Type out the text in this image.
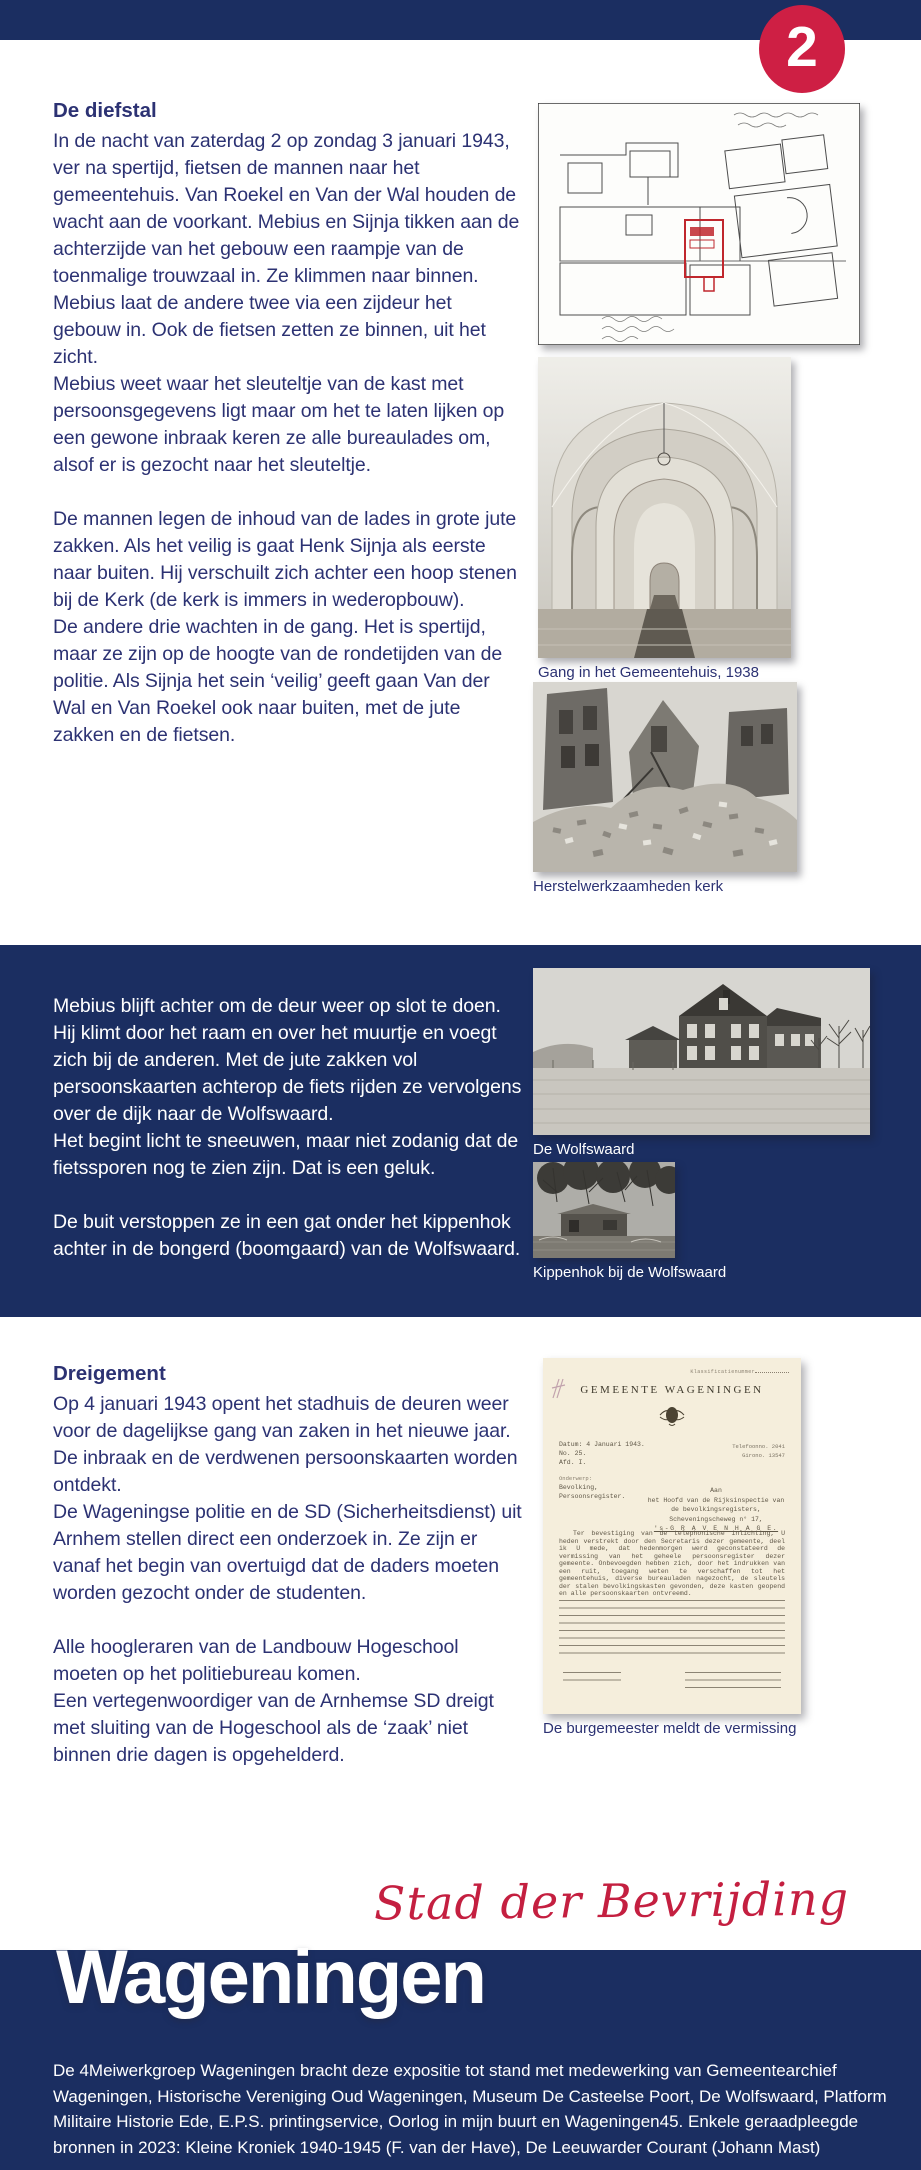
2
De diefstal

In de nacht van zaterdag 2 op zondag 3 januari 1943, ver na spertijd, fietsen de mannen naar het gemeentehuis. Van Roekel en Van der Wal houden de wacht aan de voorkant. Mebius en Sijnja tikken aan de achterzijde van het gebouw een raampje van de toenmalige trouwzaal in. Ze klimmen naar binnen. Mebius laat de andere twee via een zijdeur het gebouw in. Ook de fietsen zetten ze binnen, uit het zicht.

Mebius weet waar het sleuteltje van de kast met persoonsgegevens ligt maar om het te laten lijken op een gewone inbraak keren ze alle bureaulades om, alsof er is gezocht naar het sleuteltje.

De mannen legen de inhoud van de lades in grote jute zakken. Als het veilig is gaat Henk Sijnja als eerste naar buiten. Hij verschuilt zich achter een hoop stenen bij de Kerk (de kerk is immers in wederopbouw).

De andere drie wachten in de gang. Het is spertijd, maar ze zijn op de hoogte van de rondetijden van de politie. Als Sijnja het sein ‘veilig’ geeft gaan Van der Wal en Van Roekel ook naar buiten, met de jute zakken en de fietsen.

Gang in het Gemeentehuis, 1938
Herstelwerkzaamheden kerk

Mebius blijft achter om de deur weer op slot te doen. Hij klimt door het raam en over het muurtje en voegt zich bij de anderen. Met de jute zakken vol persoonskaarten achterop de fiets rijden ze vervolgens over de dijk naar de Wolfswaard.

Het begint licht te sneeuwen, maar niet zodanig dat de fietssporen nog te zien zijn. Dat is een geluk.

De buit verstoppen ze in een gat onder het kippenhok achter in de bongerd (boomgaard) van de Wolfswaard.

De Wolfswaard
Kippenhok bij de Wolfswaard
Dreigement

Op 4 januari 1943 opent het stadhuis de deuren weer voor de dagelijkse gang van zaken in het nieuwe jaar. De inbraak en de verdwenen persoonskaarten worden ontdekt.

De Wageningse politie en de SD (Sicherheitsdienst) uit Arnhem stellen direct een onderzoek in. Ze zijn er vanaf het begin van overtuigd dat de daders moeten worden gezocht onder de studenten.

Alle hoogleraren van de Landbouw Hogeschool moeten op het politiebureau komen.

Een vertegenwoordiger van de Arnhemse SD dreigt met sluiting van de Hogeschool als de ‘zaak’ niet binnen drie dagen is opgehelderd.

Klassificatienummer
GEMEENTE WAGENINGEN
Datum: 4 Januari 1943.
No. 25.
Afd. I.
Telefoonno. 2041
Girono. 13547
Onderwerp:
Bevolking,
Persoonsregister.
Aan
het Hoofd van de Rijksinspectie van
de bevolkingsregisters,
Scheveningscheweg n° 17,
's-G R A V E N H A G E.
Ter bevestiging van de telephonische inlichting, U heden verstrekt door den Secretaris dezer gemeente, deel ik U mede, dat hedenmorgen werd geconstateerd de vermissing van het geheele persoonsregister dezer gemeente. Onbevoegden hebben zich, door het indrukken van een ruit, toegang weten te verschaffen tot het gemeentehuis, diverse bureauladen nagezocht, de sleutels der stalen bevolkingskasten gevonden, deze kasten geopend en alle persoonskaarten ontvreemd.
De burgemeester meldt de vermissing
Stad der Bevrijding
Wageningen
De 4Meiwerkgroep Wageningen bracht deze expositie tot stand met medewerking van Gemeentearchief Wageningen, Historische Vereniging Oud Wageningen, Museum De Casteelse Poort, De Wolfswaard, Platform Militaire Historie Ede, E.P.S. printingservice, Oorlog in mijn buurt en Wageningen45. Enkele geraadpleegde bronnen in 2023: Kleine Kroniek 1940-1945 (F. van der Have), De Leeuwarder Courant (Johann Mast)
